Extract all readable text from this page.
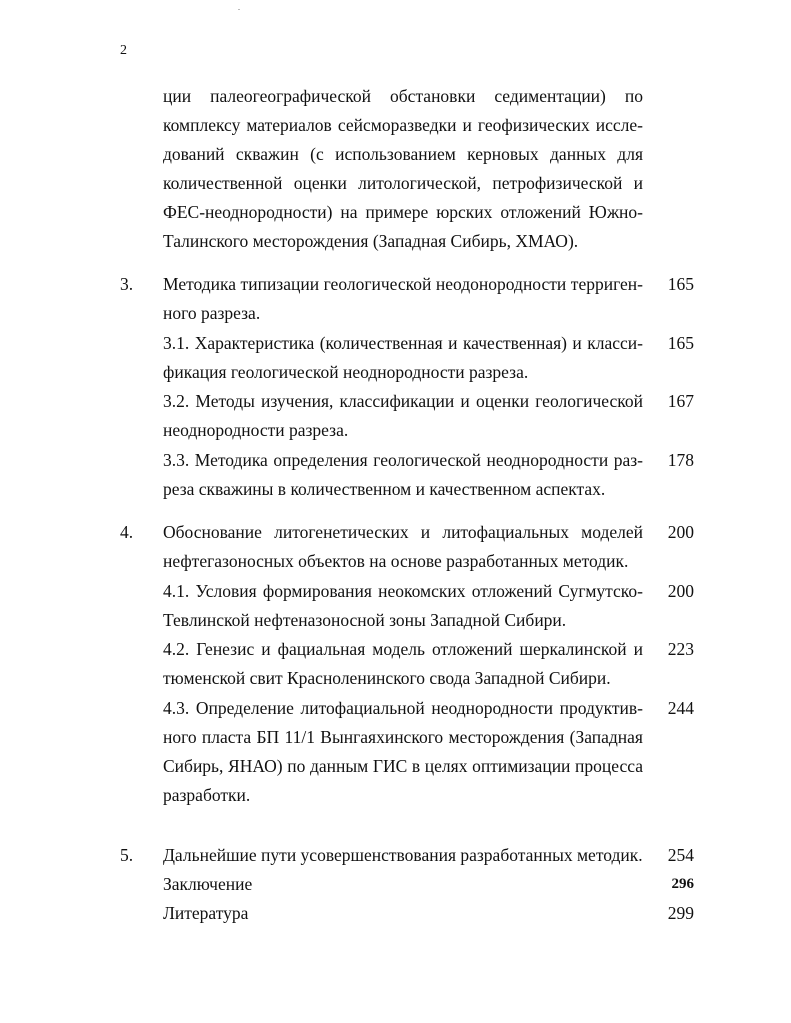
2
ции палеогеографической обстановки седиментации) по
комплексу материалов сейсморазведки и геофизических иссле-
дований скважин (с использованием керновых данных для
количественной оценки литологической, петрофизической и
ФЕС-неоднородности) на примере юрских отложений Южно-
Талинского месторождения (Западная Сибирь, ХМАО).
3. Методика типизации геологической неодонородности терриген-	165
ного разреза.
3.1. Характеристика (количественная и качественная) и класси-	165
фикация геологической неоднородности разреза.
3.2. Методы изучения, классификации и оценки геологической	167
неоднородности разреза.
3.3. Методика определения геологической неоднородности раз-	178
реза скважины в количественном и качественном аспектах.
4. Обоснование литогенетических и литофациальных моделей	200
нефтегазоносных объектов на основе разработанных методик.
4.1. Условия формирования неокомских отложений Сугмутско-	200
Тевлинской нефтеназоносной зоны Западной Сибири.
4.2. Генезис и фациальная модель отложений шеркалинской и	223
тюменской свит Красноленинского свода Западной Сибири.
4.3. Определение литофациальной неоднородности продуктив-	244
ного пласта БП 11/1 Вынгаяхинского месторождения (Западная
Сибирь, ЯНАО) по данным ГИС в целях оптимизации процесса
разработки.
5. Дальнейшие пути усовершенствования разработанных методик.	254
Заключение	296
Литература	299
